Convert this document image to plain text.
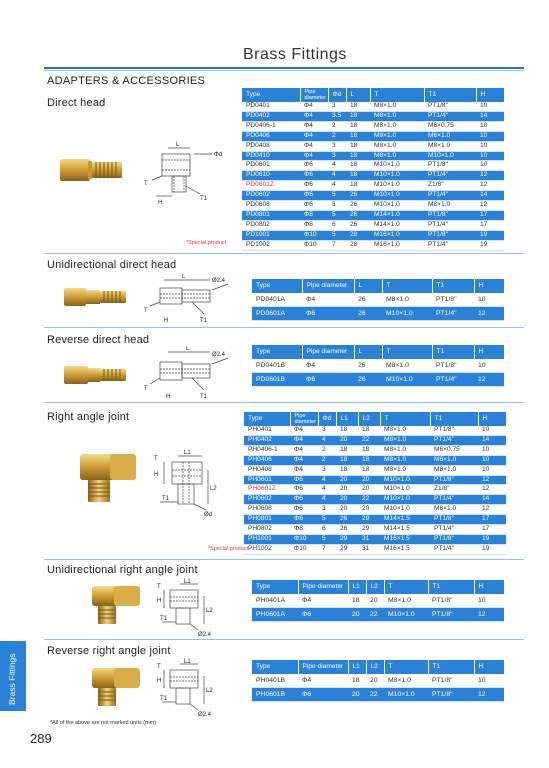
Brass Fittings
ADAPTERS & ACCESSORIES
Direct head
L
Φd
T
T1
H
Type	Pipe diameter	Φd	L	T	T1	H
PD0401	Φ4	3	18	M8×1.0	PT1/8"	10
PD0402	Φ4	3.5	18	M8×1.0	PT1/4"	14
PD0406-1	Φ4	2	18	M8×1.0	M6×0.75	10
PD0406	Φ4	2	18	M8×1.0	M6×1.0	10
PD0408	Φ4	3	18	M8×1.0	M8×1.0	10
PD0410	Φ4	3	18	M8×1.0	M10×1.0	10
PD0601	Φ6	4	18	M10×1.0	PT1/8"	10
PD0610	Φ6	4	18	M10×1.0	PT1/4"	12
PD0601Z	Φ6	4	18	M10×1.0	Z1/8"	12
PD0602	Φ6	5	26	M10×1.0	PT1/4"	14
PD0608	Φ6	3	26	M10×1.0	M8×1.0	12
PD0801	Φ8	5	26	M14×1.0	PT1/8"	17
PD0802	Φ8	6	26	M14×1.0	PT1/4"	17
PD1001	Φ10	5	28	M16×1.0	PT1/8"	19
PD1002	Φ10	7	28	M16×1.0	PT1/4"	19
*Special product
Unidirectional direct head
L
Ø2.4
T
T1
H
Type	Pipe diameter	L	T	T1	H
PD0401A	Φ4	26	M8×1.0	PT1/8"	10
PD0601A	Φ6	26	M10×1.0	PT1/4"	12
Reverse direct head
L
Ø2.4
T
T1
H
Type	Pipe diameter	L	T	T1	H
PD0401B	Φ4	26	M8×1.0	PT1/8"	10
PD0601B	Φ6	26	M10×1.0	PT1/4"	12
Right angle joint
L1
L2
T
H
T1
Ød
Type	Pipe diameter	Φd	L1	L2	T	T1	H
PH0401	Φ4	3	18	18	M8×1.0	PT1/8"	10
PH0402	Φ4	4	20	22	M8×1.0	PT1/4"	14
PH0406-1	Φ4	2	18	18	M8×1.0	M6×0.75	10
PH0406	Φ4	2	18	18	M8×1.0	M6×1.0	10
PH0408	Φ4	3	18	18	M8×1.0	M8×1.0	10
PH0601	Φ6	4	20	20	M10×1.0	PT1/8"	12
PH0601Z	Φ6	4	20	20	M10×1.0	Z1/8"	12
PH0602	Φ6	4	20	22	M10×1.0	PT1/4"	14
PH0608	Φ6	3	20	20	M10×1.0	M8×1.0	12
PH0801	Φ8	5	26	29	M14×1.5	PT1/8"	17
PH0802	Φ8	6	26	29	M14×1.5	PT1/4"	17
PH1001	Φ10	5	29	31	M16×1.5	PT1/8"	19
PH1002	Φ10	7	29	31	M16×1.5	PT1/4"	19
*Special product
Unidirectional right angle joint
L1
L2
T
H
T1
Ø2.4
Type	Pipe diameter	L1	L2	T	T1	H
PH0401A	Φ4	18	20	M8×1.0	PT1/8"	10
PH0601A	Φ6	20	22	M10×1.0	PT1/8"	12
Reverse right angle joint
L1
L2
T
H
T1
Ø2.4
Type	Pipe diameter	L1	L2	T	T1	H
PH0401B	Φ4	18	20	M8×1.0	PT1/8"	10
PH0601B	Φ6	20	22	M10×1.0	PT1/8"	12
Brass Fittings
*All of the above are not marked units (mm)
289
